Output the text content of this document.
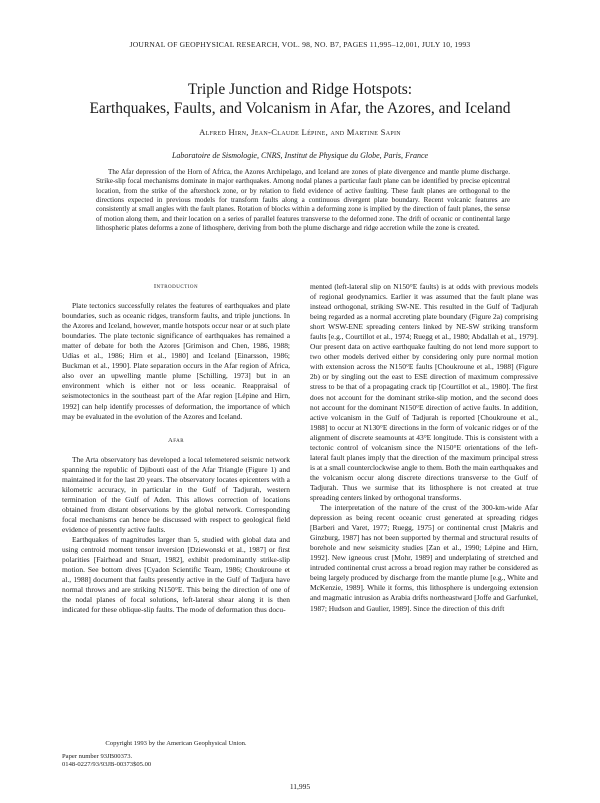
JOURNAL OF GEOPHYSICAL RESEARCH, VOL. 98, NO. B7, PAGES 11,995–12,001, JULY 10, 1993
Triple Junction and Ridge Hotspots:
Earthquakes, Faults, and Volcanism in Afar, the Azores, and Iceland
Alfred Hirn, Jean-Claude Lépine, and Martine Sapin
Laboratoire de Sismologie, CNRS, Institut de Physique du Globe, Paris, France

The Afar depression of the Horn of Africa, the Azores Archipelago, and Iceland are zones of plate divergence and mantle plume discharge. Strike-slip focal mechanisms dominate in major earthquakes. Among nodal planes a particular fault plane can be identified by precise epicentral location, from the strike of the aftershock zone, or by relation to field evidence of active faulting. These fault planes are orthogonal to the directions expected in previous models for transform faults along a continuous divergent plate boundary. Recent volcanic features are consistently at small angles with the fault planes. Rotation of blocks within a deforming zone is implied by the direction of fault planes, the sense of motion along them, and their location on a series of parallel features transverse to the deformed zone. The drift of oceanic or continental large lithospheric plates deforms a zone of lithosphere, deriving from both the plume discharge and ridge accretion while the zone is created.

Introduction

Plate tectonics successfully relates the features of earthquakes and plate boundaries, such as oceanic ridges, transform faults, and triple junctions. In the Azores and Iceland, however, mantle hotspots occur near or at such plate boundaries. The plate tectonic significance of earthquakes has remained a matter of debate for both the Azores [Grimison and Chen, 1986, 1988; Udías et al., 1986; Hirn et al., 1980] and Iceland [Einarsson, 1986; Buckman et al., 1990]. Plate separation occurs in the Afar region of Africa, also over an upwelling mantle plume [Schilling, 1973] but in an environment which is either not or less oceanic. Reappraisal of seismotectonics in the southeast part of the Afar region [Lépine and Hirn, 1992] can help identify processes of deformation, the importance of which may be evaluated in the evolution of the Azores and Iceland.

Afar

The Arta observatory has developed a local telemetered seismic network spanning the republic of Djibouti east of the Afar Triangle (Figure 1) and maintained it for the last 20 years. The observatory locates epicenters with a kilometric accuracy, in particular in the Gulf of Tadjurah, western termination of the Gulf of Aden. This allows correction of locations obtained from distant observations by the global network. Corresponding focal mechanisms can hence be discussed with respect to geological field evidence of presently active faults.

Earthquakes of magnitudes larger than 5, studied with global data and using centroid moment tensor inversion [Dziewonski et al., 1987] or first polarities [Fairhead and Stuart, 1982], exhibit predominantly strike-slip motion. See bottom dives [Cyadon Scientific Team, 1986; Choukroune et al., 1988] document that faults presently active in the Gulf of Tadjura have normal throws and are striking N150°E. This being the direction of one of the nodal planes of focal solutions, left-lateral shear along it is then indicated for these oblique-slip faults. The mode of deformation thus docu-

mented (left-lateral slip on N150°E faults) is at odds with previous models of regional geodynamics. Earlier it was assumed that the fault plane was instead orthogonal, striking SW-NE. This resulted in the Gulf of Tadjurah being regarded as a normal accreting plate boundary (Figure 2a) comprising short WSW-ENE spreading centers linked by NE-SW striking transform faults [e.g., Courtillot et al., 1974; Ruegg et al., 1980; Abdallah et al., 1979]. Our present data on active earthquake faulting do not lend more support to two other models derived either by considering only pure normal motion with extension across the N150°E faults [Choukroune et al., 1988] (Figure 2b) or by singling out the east to ESE direction of maximum compressive stress to be that of a propagating crack tip [Courtillot et al., 1980]. The first does not account for the dominant strike-slip motion, and the second does not account for the dominant N150°E direction of active faults. In addition, active volcanism in the Gulf of Tadjurah is reported [Choukroune et al., 1988] to occur at N130°E directions in the form of volcanic ridges or of the alignment of discrete seamounts at 43°E longitude. This is consistent with a tectonic control of volcanism since the N150°E orientations of the left-lateral fault planes imply that the direction of the maximum principal stress is at a small counterclockwise angle to them. Both the main earthquakes and the volcanism occur along discrete directions transverse to the Gulf of Tadjurah. Thus we surmise that its lithosphere is not created at true spreading centers linked by orthogonal transforms.

The interpretation of the nature of the crust of the 300-km-wide Afar depression as being recent oceanic crust generated at spreading ridges [Barberi and Varet, 1977; Ruegg, 1975] or continental crust [Makris and Ginzburg, 1987] has not been supported by thermal and structural results of borehole and new seismicity studies [Zan et al., 1990; Lépine and Hirn, 1992]. New igneous crust [Mohr, 1989] and underplating of stretched and intruded continental crust across a broad region may rather be considered as being largely produced by discharge from the mantle plume [e.g., White and McKenzie, 1989]. While it forms, this lithosphere is undergoing extension and magmatic intrusion as Arabia drifts northeastward [Joffe and Garfunkel, 1987; Hudson and Gaulier, 1989]. Since the direction of this drift

Copyright 1993 by the American Geophysical Union.
Paper number 93JB00373.
0148-0227/93/93JB-00373$05.00
11,995
